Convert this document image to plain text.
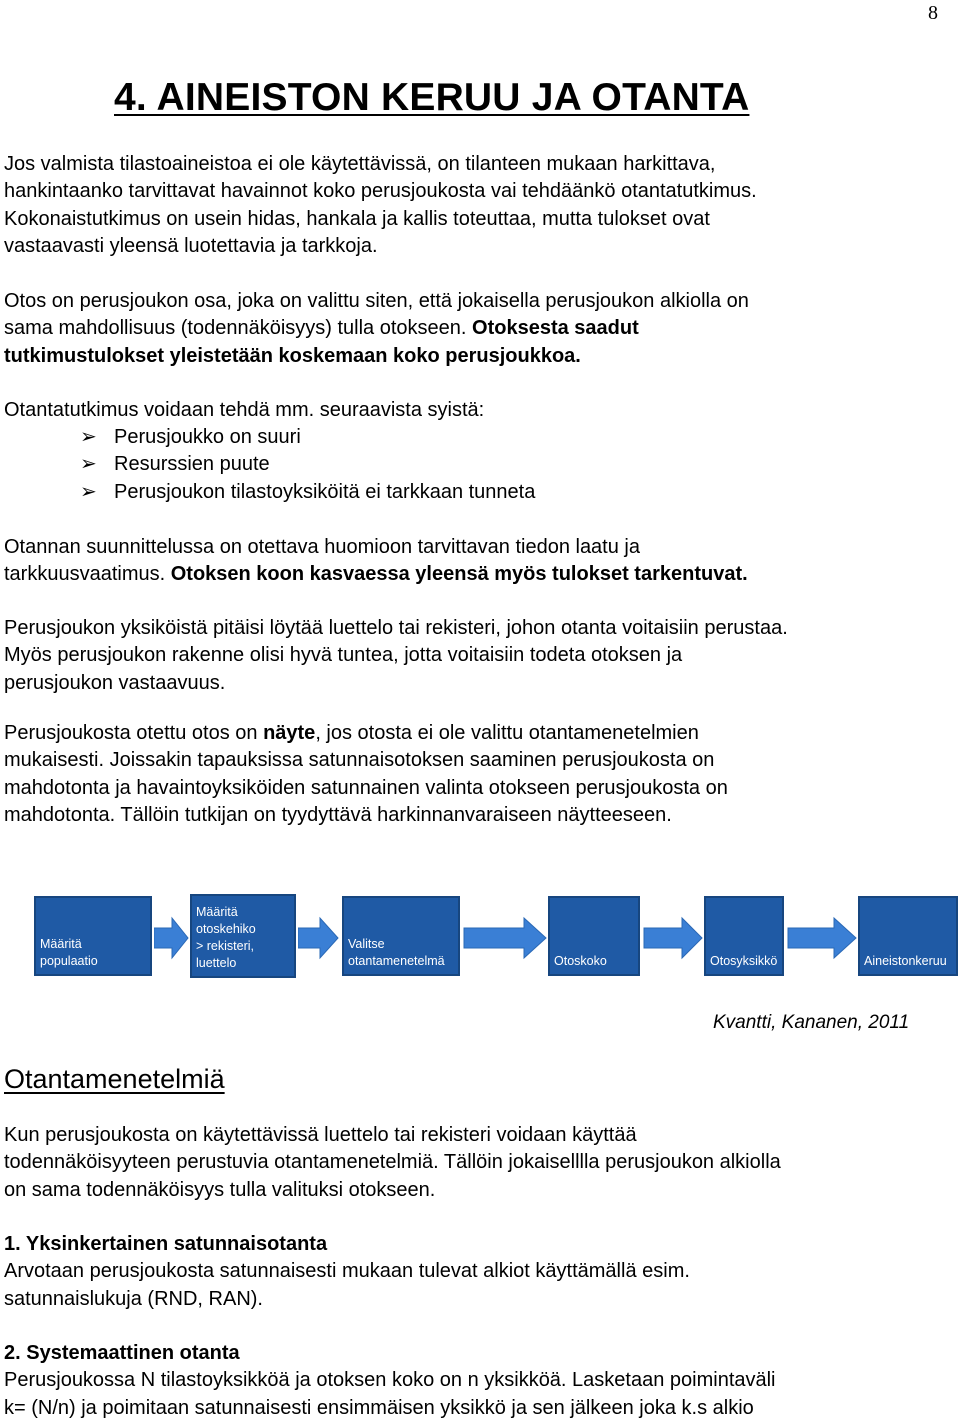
8
4. AINEISTON KERUU JA OTANTA
Jos valmista tilastoaineistoa ei ole käytettävissä, on tilanteen mukaan harkittava,
hankintaanko tarvittavat havainnot koko perusjoukosta vai tehdäänkö otantatutkimus.
Kokonaistutkimus on usein hidas, hankala ja kallis toteuttaa, mutta tulokset ovat
vastaavasti yleensä luotettavia ja tarkkoja.
Otos on perusjoukon osa, joka on valittu siten, että jokaisella perusjoukon alkiolla on
sama mahdollisuus (todennäköisyys) tulla otokseen. Otoksesta saadut
tutkimustulokset yleistetään koskemaan koko perusjoukkoa.
Otantatutkimus voidaan tehdä mm. seuraavista syistä:
➢ Perusjoukko on suuri
➢ Resurssien puute
➢ Perusjoukon tilastoyksiköitä ei tarkkaan tunneta
Otannan suunnittelussa on otettava huomioon tarvittavan tiedon laatu ja
tarkkuusvaatimus. Otoksen koon kasvaessa yleensä myös tulokset tarkentuvat.
Perusjoukon yksiköistä pitäisi löytää luettelo tai rekisteri, johon otanta voitaisiin perustaa.
Myös perusjoukon rakenne olisi hyvä tuntea, jotta voitaisiin todeta otoksen ja
perusjoukon vastaavuus.
Perusjoukosta otettu otos on näyte, jos otosta ei ole valittu otantamenetelmien
mukaisesti. Joissakin tapauksissa satunnaisotoksen saaminen perusjoukosta on
mahdotonta ja havaintoyksiköiden satunnainen valinta otokseen perusjoukosta on
mahdotonta. Tällöin tutkijan on tyydyttävä harkinnanvaraiseen näytteeseen.
Määritä
populaatio
Määritä
otoskehiko
> rekisteri,
luettelo
Valitse
otantamenetelmä	Otoskoko	Otosyksikkö	Aineistonkeruu
Kvantti, Kananen, 2011
Otantamenetelmiä
Kun perusjoukosta on käytettävissä luettelo tai rekisteri voidaan käyttää
todennäköisyyteen perustuvia otantamenetelmiä. Tällöin jokaiselllla perusjoukon alkiolla
on sama todennäköisyys tulla valituksi otokseen.
1. Yksinkertainen satunnaisotanta
Arvotaan perusjoukosta satunnaisesti mukaan tulevat alkiot käyttämällä esim.
satunnaislukuja (RND, RAN).
2. Systemaattinen otanta
Perusjoukossa N tilastoyksikköä ja otoksen koko on n yksikköä. Lasketaan poimintaväli
k= (N/n) ja poimitaan satunnaisesti ensimmäisen yksikkö ja sen jälkeen joka k.s alkio
